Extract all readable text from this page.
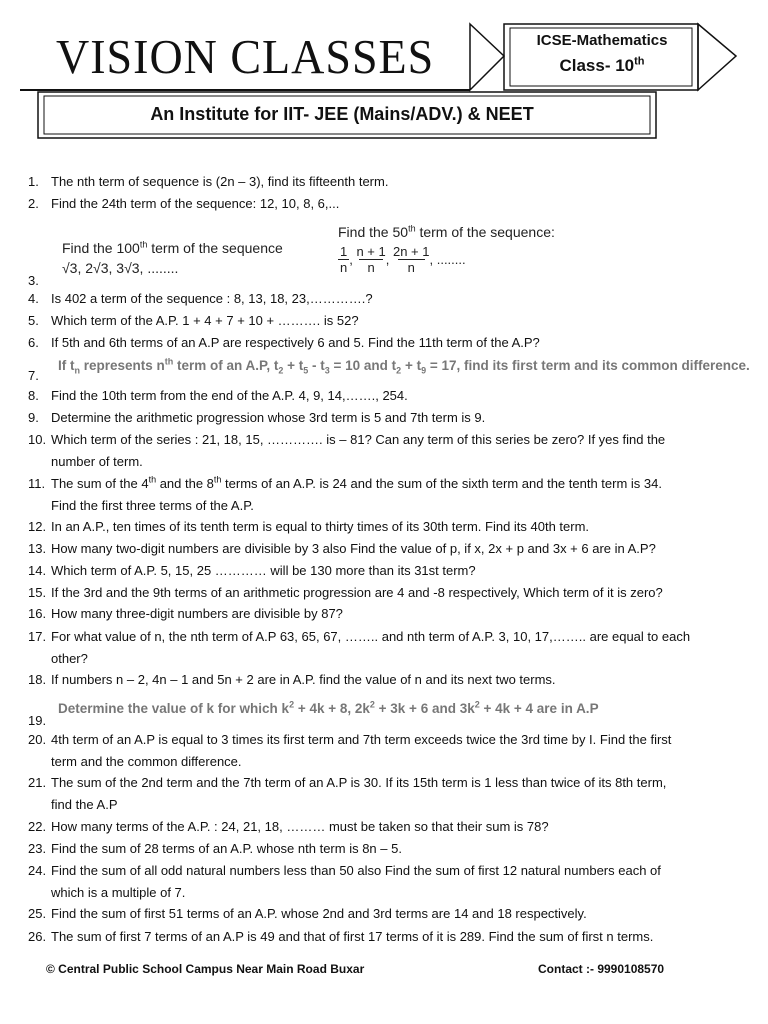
VISION CLASSES	ICSE-Mathematics
Class- 10th
An Institute for IIT- JEE (Mains/ADV.) & NEET
1. The nth term of sequence is (2n – 3), find its fifteenth term.
2. Find the 24th term of the sequence: 12, 10, 8, 6,...
3.
Find the 100th term of the sequence
√3, 2√3, 3√3, ........
Find the 50th term of the sequence:
1
n
,
n + 1
n
,
2n + 1
n
, ........
4. Is 402 a term of the sequence : 8, 13, 18, 23,………….?
5. Which term of the A.P. 1 + 4 + 7 + 10 + ………. is 52?
6. If 5th and 6th terms of an A.P are respectively 6 and 5. Find the 11th term of the A.P?
7.
If $t_n$ represents $n^{th}$ term of an A.P, $t_2 + t_5 - t_3 = 10$ and $t_2 + t_9 = 17$, find its first term and its common difference.
8. Find the 10th term from the end of the A.P. 4, 9, 14,……., 254.
9. Determine the arithmetic progression whose 3rd term is 5 and 7th term is 9.
10. Which term of the series : 21, 18, 15, …………. is – 81? Can any term of this series be zero? If yes find the
number of term.
11. The sum of the 4th and the 8th terms of an A.P. is 24 and the sum of the sixth term and the tenth term is 34.
Find the first three terms of the A.P.
12. In an A.P., ten times of its tenth term is equal to thirty times of its 30th term. Find its 40th term.
13. How many two-digit numbers are divisible by 3 also Find the value of p, if x, 2x + p and 3x + 6 are in A.P?
14. Which term of A.P. 5, 15, 25 ………… will be 130 more than its 31st term?
15. If the 3rd and the 9th terms of an arithmetic progression are 4 and -8 respectively, Which term of it is zero?
16. How many three-digit numbers are divisible by 87?
17. For what value of n, the nth term of A.P 63, 65, 67, …….. and nth term of A.P. 3, 10, 17,…….. are equal to each
other?
18. If numbers n – 2, 4n – 1 and 5n + 2 are in A.P. find the value of n and its next two terms.
19.
Determine the value of k for which $k^2 + 4k + 8$, $2k^2 + 3k + 6$ and $3k^2 + 4k + 4$ are in A.P
20. 4th term of an A.P is equal to 3 times its first term and 7th term exceeds twice the 3rd time by I. Find the first
term and the common difference.
21. The sum of the 2nd term and the 7th term of an A.P is 30. If its 15th term is 1 less than twice of its 8th term,
find the A.P
22. How many terms of the A.P. : 24, 21, 18, ……… must be taken so that their sum is 78?
23. Find the sum of 28 terms of an A.P. whose nth term is 8n – 5.
24. Find the sum of all odd natural numbers less than 50 also Find the sum of first 12 natural numbers each of
which is a multiple of 7.
25. Find the sum of first 51 terms of an A.P. whose 2nd and 3rd terms are 14 and 18 respectively.
26. The sum of first 7 terms of an A.P is 49 and that of first 17 terms of it is 289. Find the sum of first n terms.
© Central Public School Campus Near Main Road Buxar	Contact :- 9990108570
